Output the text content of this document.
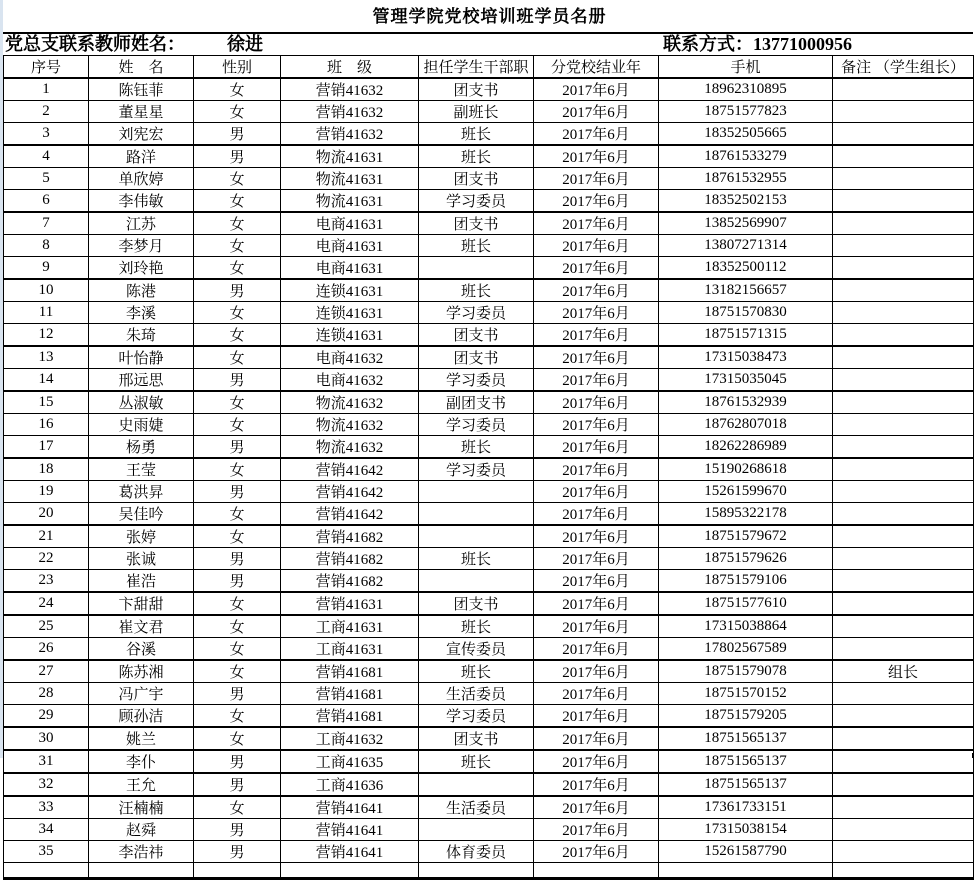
管理学院党校培训班学员名册
党总支联系教师姓名： 徐进	联系方式：13771000956
序号	姓　名	性别	班　级	担任学生干部职	分党校结业年	手机	备注 （学生组长）
1	陈钰菲	女	营销41632	团支书	2017年6月	18962310895	
2	董星星	女	营销41632	副班长	2017年6月	18751577823	
3	刘宪宏	男	营销41632	班长	2017年6月	18352505665	
4	路洋	男	物流41631	班长	2017年6月	18761533279	
5	单欣婷	女	物流41631	团支书	2017年6月	18761532955	
6	李伟敏	女	物流41631	学习委员	2017年6月	18352502153	
7	江苏	女	电商41631	团支书	2017年6月	13852569907	
8	李梦月	女	电商41631	班长	2017年6月	13807271314	
9	刘玲艳	女	电商41631		2017年6月	18352500112	
10	陈港	男	连锁41631	班长	2017年6月	13182156657	
11	李溪	女	连锁41631	学习委员	2017年6月	18751570830	
12	朱琦	女	连锁41631	团支书	2017年6月	18751571315	
13	叶怡静	女	电商41632	团支书	2017年6月	17315038473	
14	邢远思	男	电商41632	学习委员	2017年6月	17315035045	
15	丛淑敏	女	物流41632	副团支书	2017年6月	18761532939	
16	史雨婕	女	物流41632	学习委员	2017年6月	18762807018	
17	杨勇	男	物流41632	班长	2017年6月	18262286989	
18	王莹	女	营销41642	学习委员	2017年6月	15190268618	
19	葛洪昇	男	营销41642		2017年6月	15261599670	
20	吴佳吟	女	营销41642		2017年6月	15895322178	
21	张婷	女	营销41682		2017年6月	18751579672	
22	张诚	男	营销41682	班长	2017年6月	18751579626	
23	崔浩	男	营销41682		2017年6月	18751579106	
24	卞甜甜	女	营销41631	团支书	2017年6月	18751577610	
25	崔文君	女	工商41631	班长	2017年6月	17315038864	
26	谷溪	女	工商41631	宣传委员	2017年6月	17802567589	
27	陈苏湘	女	营销41681	班长	2017年6月	18751579078	组长
28	冯广宇	男	营销41681	生活委员	2017年6月	18751570152	
29	顾孙洁	女	营销41681	学习委员	2017年6月	18751579205	
30	姚兰	女	工商41632	团支书	2017年6月	18751565137	
31	李仆	男	工商41635	班长	2017年6月	18751565137	
32	王允	男	工商41636		2017年6月	18751565137	
33	汪楠楠	女	营销41641	生活委员	2017年6月	17361733151	
34	赵舜	男	营销41641		2017年6月	17315038154	
35	李浩祎	男	营销41641	体育委员	2017年6月	15261587790	
